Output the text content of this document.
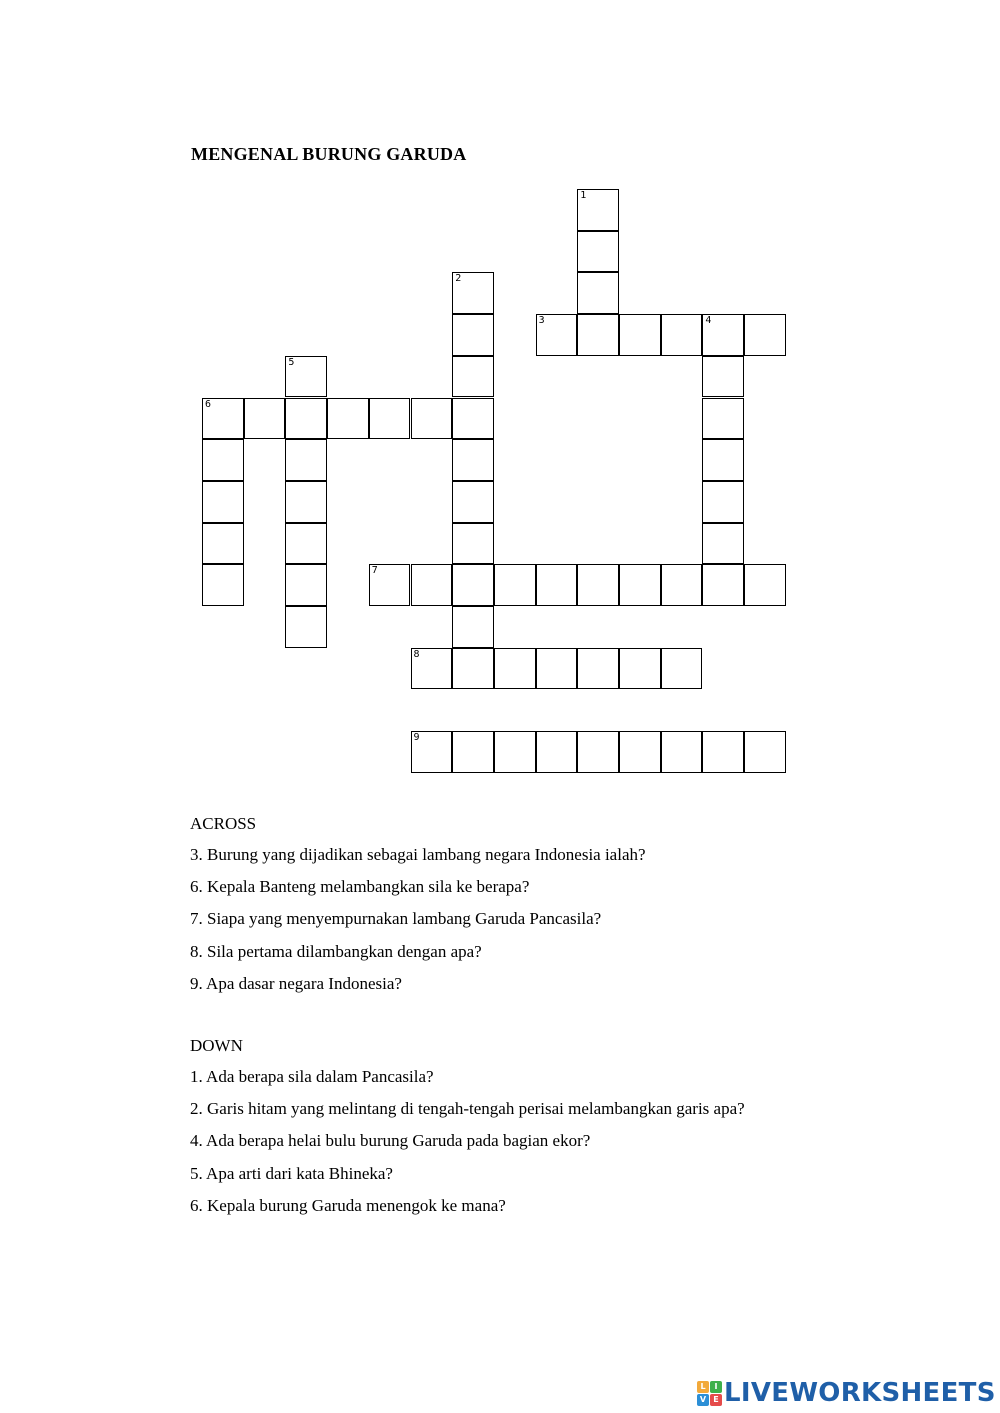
MENGENAL BURUNG GARUDA
1
2
3	4
5
6
7
8
9
ACROSS
3. Burung yang dijadikan sebagai lambang negara Indonesia ialah?
6. Kepala Banteng melambangkan sila ke berapa?
7. Siapa yang menyempurnakan lambang Garuda Pancasila?
8. Sila pertama dilambangkan dengan apa?
9. Apa dasar negara Indonesia?
DOWN
1. Ada berapa sila dalam Pancasila?
2. Garis hitam yang melintang di tengah-tengah perisai melambangkan garis apa?
4. Ada berapa helai bulu burung Garuda pada bagian ekor?
5. Apa arti dari kata Bhineka?
6. Kepala burung Garuda menengok ke mana?
L	I
V E LIVEWORKSHEETS
